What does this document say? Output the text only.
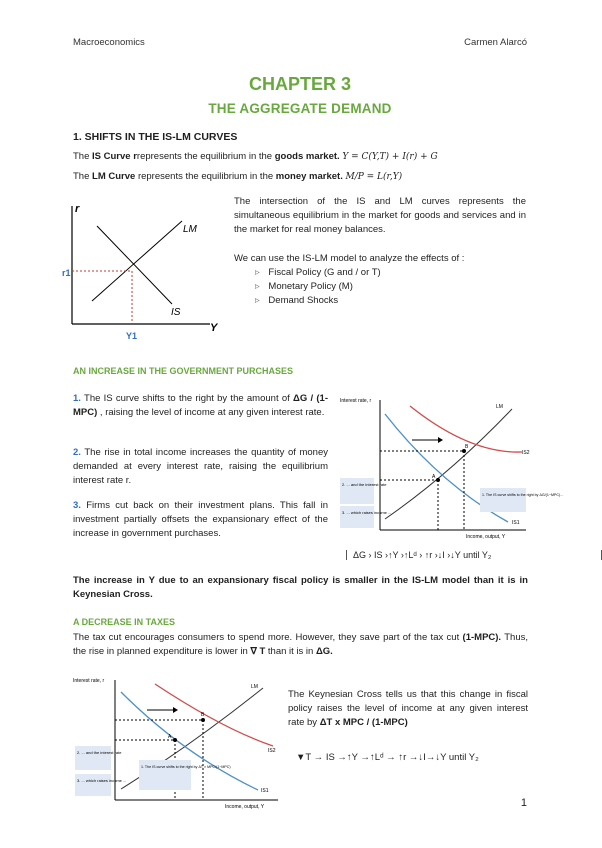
Macroeconomics	Carmen Alarcó
CHAPTER 3
THE AGGREGATE DEMAND
1. SHIFTS IN THE IS-LM CURVES
The IS Curve rrepresents the equilibrium in the goods market. Y = C(Y,T) + I(r) + G
The LM Curve represents the equilibrium in the money market. M/P = L(r,Y)
r
r1
Y
Y1
LM
IS
The intersection of the IS and LM curves represents the simultaneous equilibrium in the market for goods and services and in the market for real money balances.
We can use the IS-LM model to analyze the effects of :
▹ Fiscal Policy (G and / or T)
▹ Monetary Policy (M)
▹ Demand Shocks
AN INCREASE IN THE GOVERNMENT PURCHASES
1. The IS curve shifts to the right by the amount of ΔG / (1-MPC) , raising the level of income at any given interest rate.
2. The rise in total income increases the quantity of money demanded at every interest rate, raising the equilibrium interest rate r.
3. Firms cut back on their investment plans. This fall in investment partially offsets the expansionary effect of the increase in government purchases.
Interest rate, r
Income, output, Y
LM
IS1
IS2
A
B
2. ... and the interest rate
3. ... which raises income ...
1. The IS curve shifts to the right by ΔG/(1−MPC)...
ΔG › IS ›↑Y ›↑Lᵈ › ↑r ›↓I ›↓Y until Y₂
The increase in Y due to an expansionary fiscal policy is smaller in the IS-LM model than it is in Keynesian Cross.
A DECREASE IN TAXES
The tax cut encourages consumers to spend more. However, they save part of the tax cut (1-MPC). Thus, the rise in planned expenditure is lower in ∇ T than it is in ΔG.
Interest rate, r
Income, output, Y
LM
IS1
IS2
A
B
2. ... and the interest rate
3. ... which raises income ...
1. The IS curve shifts to the right by ΔT × MPC/(1−MPC)
The Keynesian Cross tells us that this change in fiscal policy raises the level of income at any given interest rate by ΔT x MPC / (1-MPC)
▼T → IS →↑Y →↑Lᵈ → ↑r →↓I→↓Y until Y₂
1
